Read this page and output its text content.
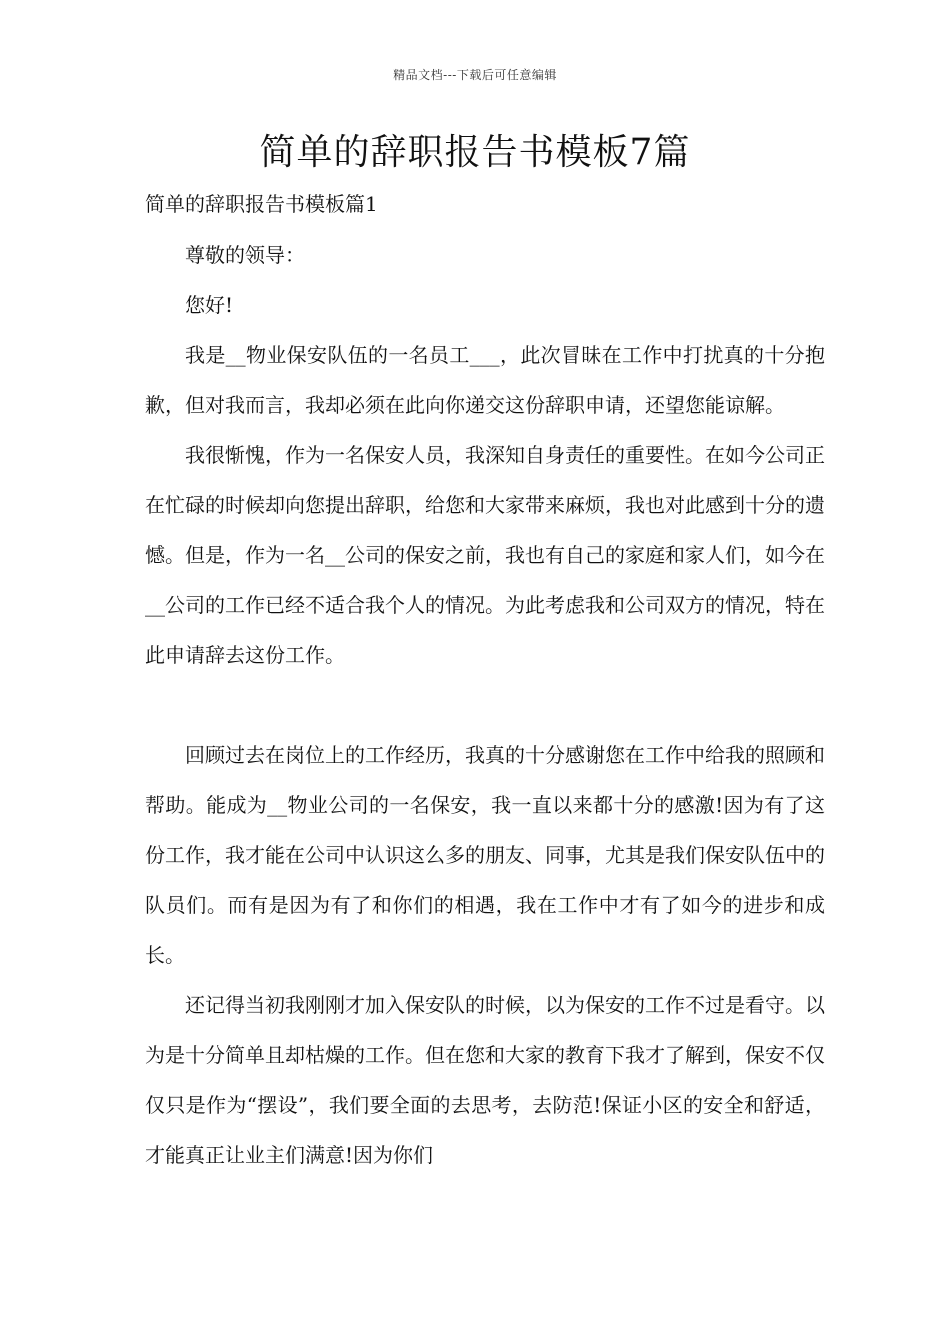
精品文档---下载后可任意编辑
简单的辞职报告书模板7篇
简单的辞职报告书模板篇1

尊敬的领导：

您好!

我是__物业保安队伍的一名员工___，此次冒昧在工作中打扰真的十分抱歉，但对我而言，我却必须在此向你递交这份辞职申请，还望您能谅解。

我很惭愧，作为一名保安人员，我深知自身责任的重要性。在如今公司正在忙碌的时候却向您提出辞职，给您和大家带来麻烦，我也对此感到十分的遗憾。但是，作为一名__公司的保安之前，我也有自己的家庭和家人们，如今在__公司的工作已经不适合我个人的情况。为此考虑我和公司双方的情况，特在此申请辞去这份工作。

回顾过去在岗位上的工作经历，我真的十分感谢您在工作中给我的照顾和帮助。能成为__物业公司的一名保安，我一直以来都十分的感激!因为有了这份工作，我才能在公司中认识这么多的朋友、同事，尤其是我们保安队伍中的队员们。而有是因为有了和你们的相遇，我在工作中才有了如今的进步和成长。

还记得当初我刚刚才加入保安队的时候，以为保安的工作不过是看守。以为是十分简单且却枯燥的工作。但在您和大家的教育下我才了解到，保安不仅仅只是作为“摆设”，我们要全面的去思考，去防范!保证小区的安全和舒适，才能真正让业主们满意!因为你们
